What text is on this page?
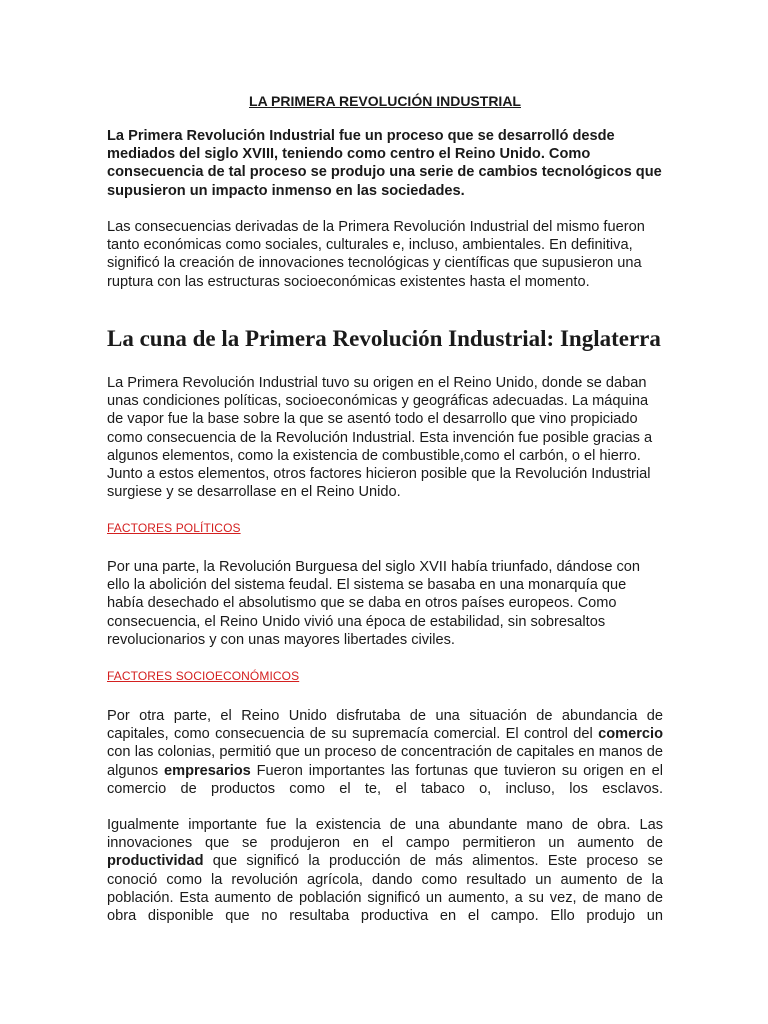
LA PRIMERA REVOLUCIÓN INDUSTRIAL

La Primera Revolución Industrial fue un proceso que se desarrolló desde mediados del siglo XVIII, teniendo como centro el Reino Unido. Como consecuencia de tal proceso se produjo una serie de cambios tecnológicos que supusieron un impacto inmenso en las sociedades.

Las consecuencias derivadas de la Primera Revolución Industrial del mismo fueron tanto económicas como sociales, culturales e, incluso, ambientales. En definitiva, significó la creación de innovaciones tecnológicas y científicas que supusieron una ruptura con las estructuras socioeconómicas existentes hasta el momento.

La cuna de la Primera Revolución Industrial: Inglaterra

La Primera Revolución Industrial tuvo su origen en el Reino Unido, donde se daban unas condiciones políticas, socioeconómicas y geográficas adecuadas. La máquina de vapor fue la base sobre la que se asentó todo el desarrollo que vino propiciado como consecuencia de la Revolución Industrial. Esta invención fue posible gracias a algunos elementos, como la existencia de combustible,como el carbón, o el hierro. Junto a estos elementos, otros factores hicieron posible que la Revolución Industrial surgiese y se desarrollase en el Reino Unido.

FACTORES POLÍTICOS

Por una parte, la Revolución Burguesa del siglo XVII había triunfado, dándose con ello la abolición del sistema feudal. El sistema se basaba en una monarquía que había desechado el absolutismo que se daba en otros países europeos. Como consecuencia, el Reino Unido vivió una época de estabilidad, sin sobresaltos revolucionarios y con unas mayores libertades civiles.

FACTORES SOCIOECONÓMICOS

Por otra parte, el Reino Unido disfrutaba de una situación de abundancia de capitales, como consecuencia de su supremacía comercial. El control del comercio con las colonias, permitió que un proceso de concentración de capitales en manos de algunos empresarios Fueron importantes las fortunas que tuvieron su origen en el comercio de productos como el te, el tabaco o, incluso, los esclavos.

Igualmente importante fue la existencia de una abundante mano de obra. Las innovaciones que se produjeron en el campo permitieron un aumento de productividad que significó la producción de más alimentos. Este proceso se conoció como la revolución agrícola, dando como resultado un aumento de la población. Esta aumento de población significó un aumento, a su vez, de mano de obra disponible que no resultaba productiva en el campo. Ello produjo un
